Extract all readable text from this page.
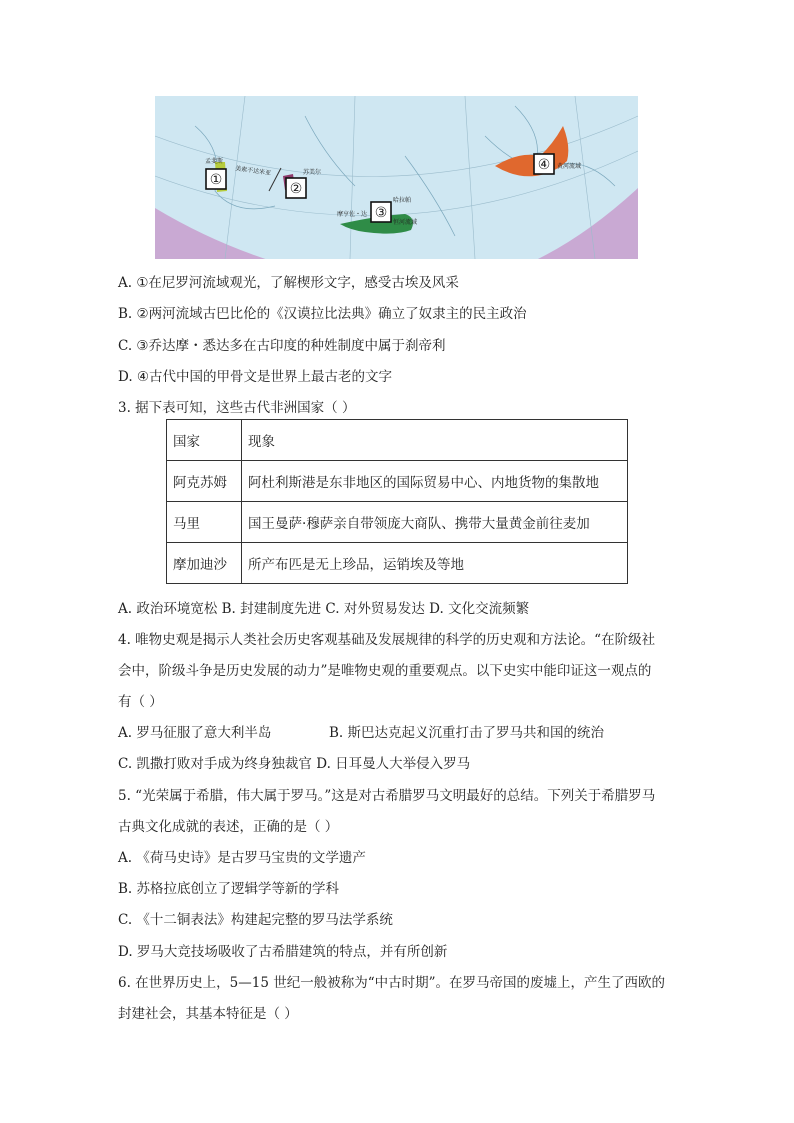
①
②
③
④
孟斐斯
美索不达米亚	苏美尔
摩亨佐・达
哈拉帕
恒河流域
黄河流域
A. ①在尼罗河流域观光，了解楔形文字，感受古埃及风采
B. ②两河流域古巴比伦的《汉谟拉比法典》确立了奴隶主的民主政治
C. ③乔达摩・悉达多在古印度的种姓制度中属于刹帝利
D. ④古代中国的甲骨文是世界上最古老的文字
3. 据下表可知，这些古代非洲国家（ ）
国家	现象
阿克苏姆	阿杜利斯港是东非地区的国际贸易中心、内地货物的集散地
马里	国王曼萨·穆萨亲自带领庞大商队、携带大量黄金前往麦加
摩加迪沙	所产布匹是无上珍品，运销埃及等地
A. 政治环境宽松 B. 封建制度先进 C. 对外贸易发达 D. 文化交流频繁
4. 唯物史观是揭示人类社会历史客观基础及发展规律的科学的历史观和方法论。“在阶级社
会中，阶级斗争是历史发展的动力”是唯物史观的重要观点。以下史实中能印证这一观点的
有（ ）
A. 罗马征服了意大利半岛	B. 斯巴达克起义沉重打击了罗马共和国的统治
C. 凯撒打败对手成为终身独裁官 D. 日耳曼人大举侵入罗马
5. “光荣属于希腊，伟大属于罗马。”这是对古希腊罗马文明最好的总结。下列关于希腊罗马
古典文化成就的表述，正确的是（ ）
A. 《荷马史诗》是古罗马宝贵的文学遗产
B. 苏格拉底创立了逻辑学等新的学科
C. 《十二铜表法》构建起完整的罗马法学系统
D. 罗马大竞技场吸收了古希腊建筑的特点，并有所创新
6. 在世界历史上，5—15 世纪一般被称为“中古时期”。在罗马帝国的废墟上，产生了西欧的
封建社会，其基本特征是（ ）
